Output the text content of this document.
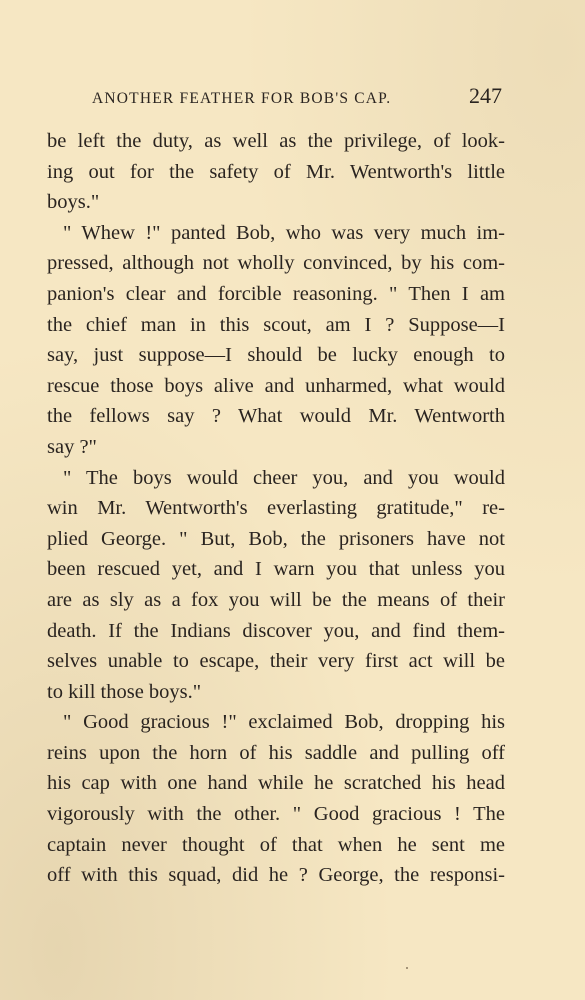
ANOTHER FEATHER FOR BOB'S CAP.	247
be left the duty, as well as the privilege, of look-
ing out for the safety of Mr. Wentworth's little
boys."
" Whew !" panted Bob, who was very much im-
pressed, although not wholly convinced, by his com-
panion's clear and forcible reasoning. " Then I am
the chief man in this scout, am I ? Suppose—I
say, just suppose—I should be lucky enough to
rescue those boys alive and unharmed, what would
the fellows say ? What would Mr. Wentworth
say ?"
" The boys would cheer you, and you would
win Mr. Wentworth's everlasting gratitude," re-
plied George. " But, Bob, the prisoners have not
been rescued yet, and I warn you that unless you
are as sly as a fox you will be the means of their
death. If the Indians discover you, and find them-
selves unable to escape, their very first act will be
to kill those boys."
" Good gracious !" exclaimed Bob, dropping his
reins upon the horn of his saddle and pulling off
his cap with one hand while he scratched his head
vigorously with the other. " Good gracious ! The
captain never thought of that when he sent me
off with this squad, did he ? George, the responsi-
